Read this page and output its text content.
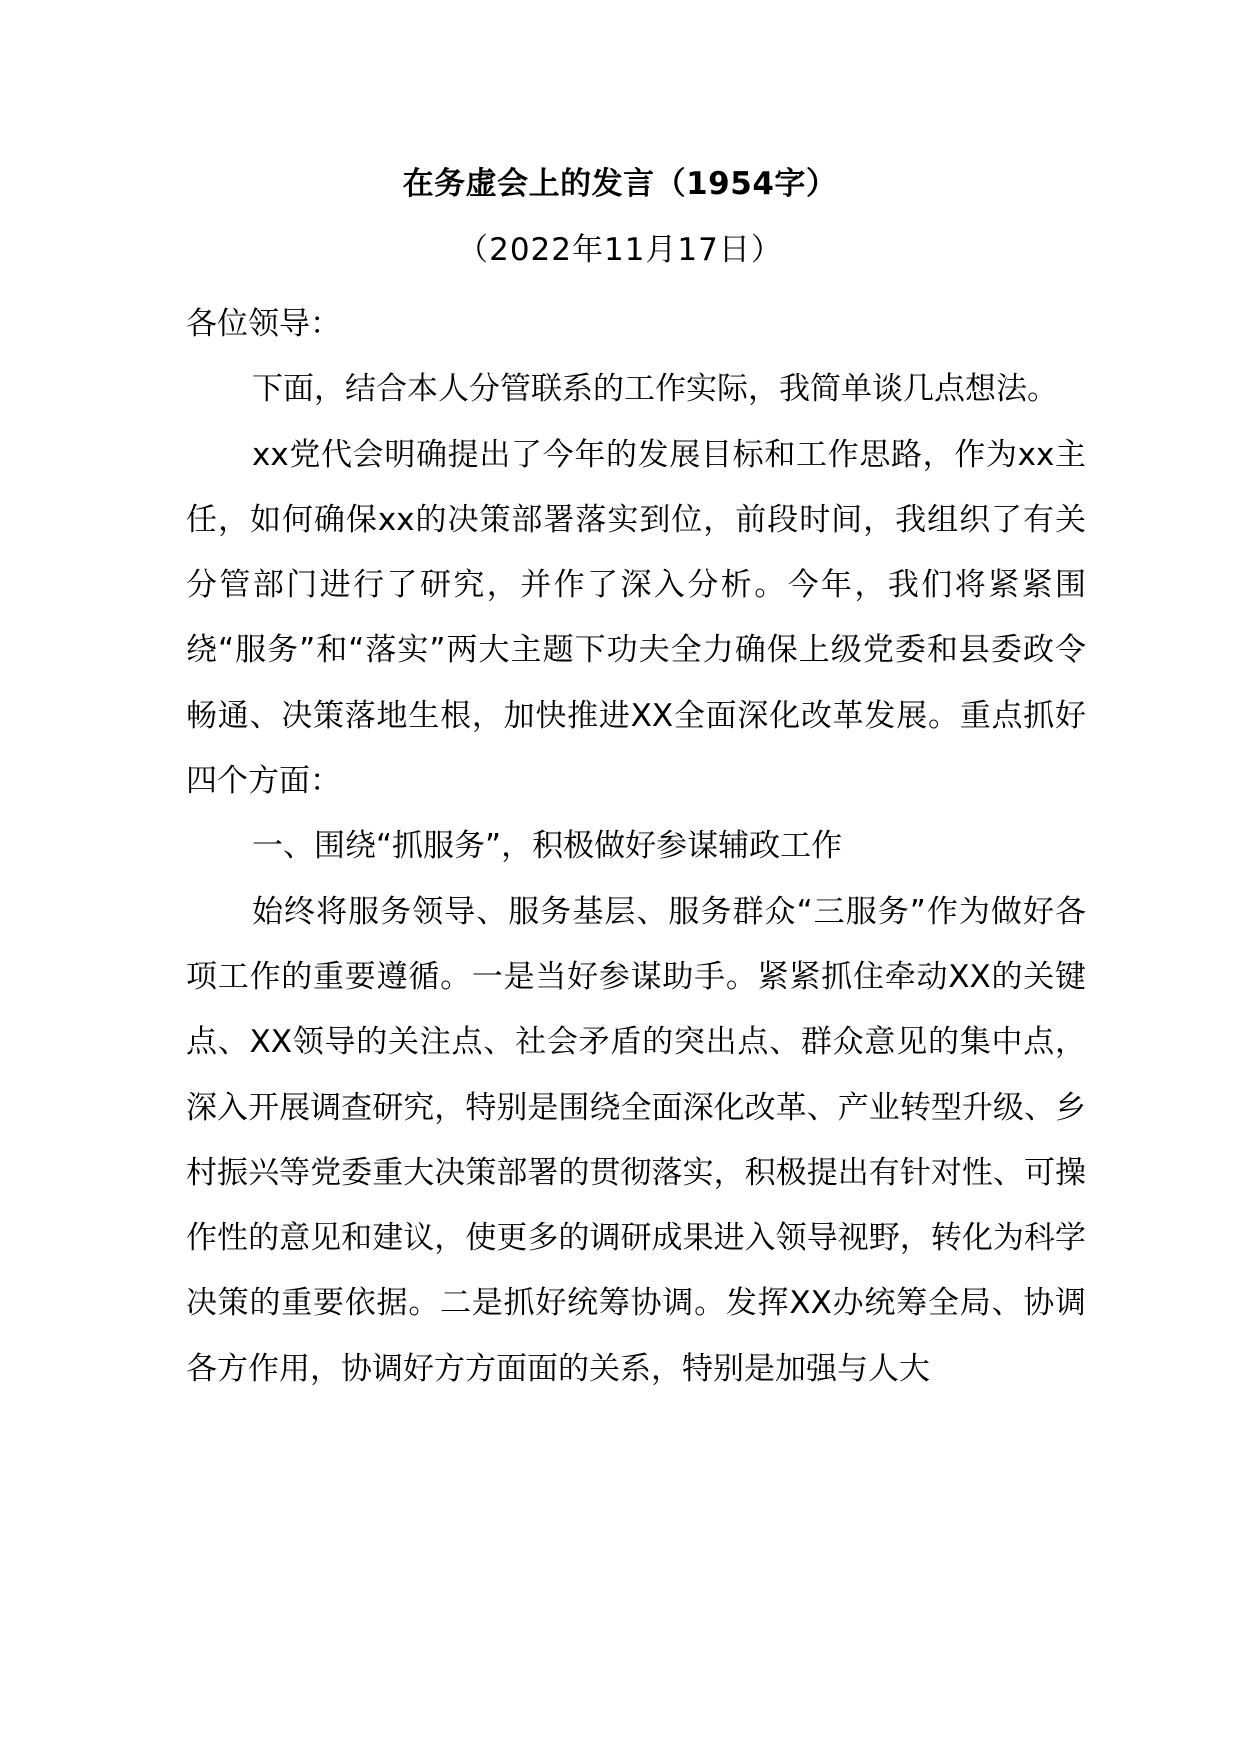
在务虚会上的发言（1954字）
（2022年11月17日）

各位领导：

下面，结合本人分管联系的工作实际，我简单谈几点想法。

xx党代会明确提出了今年的发展目标和工作思路，作为xx主任，如何确保xx的决策部署落实到位，前段时间，我组织了有关分管部门进行了研究，并作了深入分析。今年，我们将紧紧围绕“服务”和“落实”两大主题下功夫全力确保上级党委和县委政令畅通、决策落地生根，加快推进XX全面深化改革发展。重点抓好四个方面：

一、围绕“抓服务”，积极做好参谋辅政工作

始终将服务领导、服务基层、服务群众“三服务”作为做好各项工作的重要遵循。一是当好参谋助手。紧紧抓住牵动XX的关键点、XX领导的关注点、社会矛盾的突出点、群众意见的集中点，深入开展调查研究，特别是围绕全面深化改革、产业转型升级、乡村振兴等党委重大决策部署的贯彻落实，积极提出有针对性、可操作性的意见和建议，使更多的调研成果进入领导视野，转化为科学决策的重要依据。二是抓好统筹协调。发挥XX办统筹全局、协调各方作用，协调好方方面面的关系，特别是加强与人大
